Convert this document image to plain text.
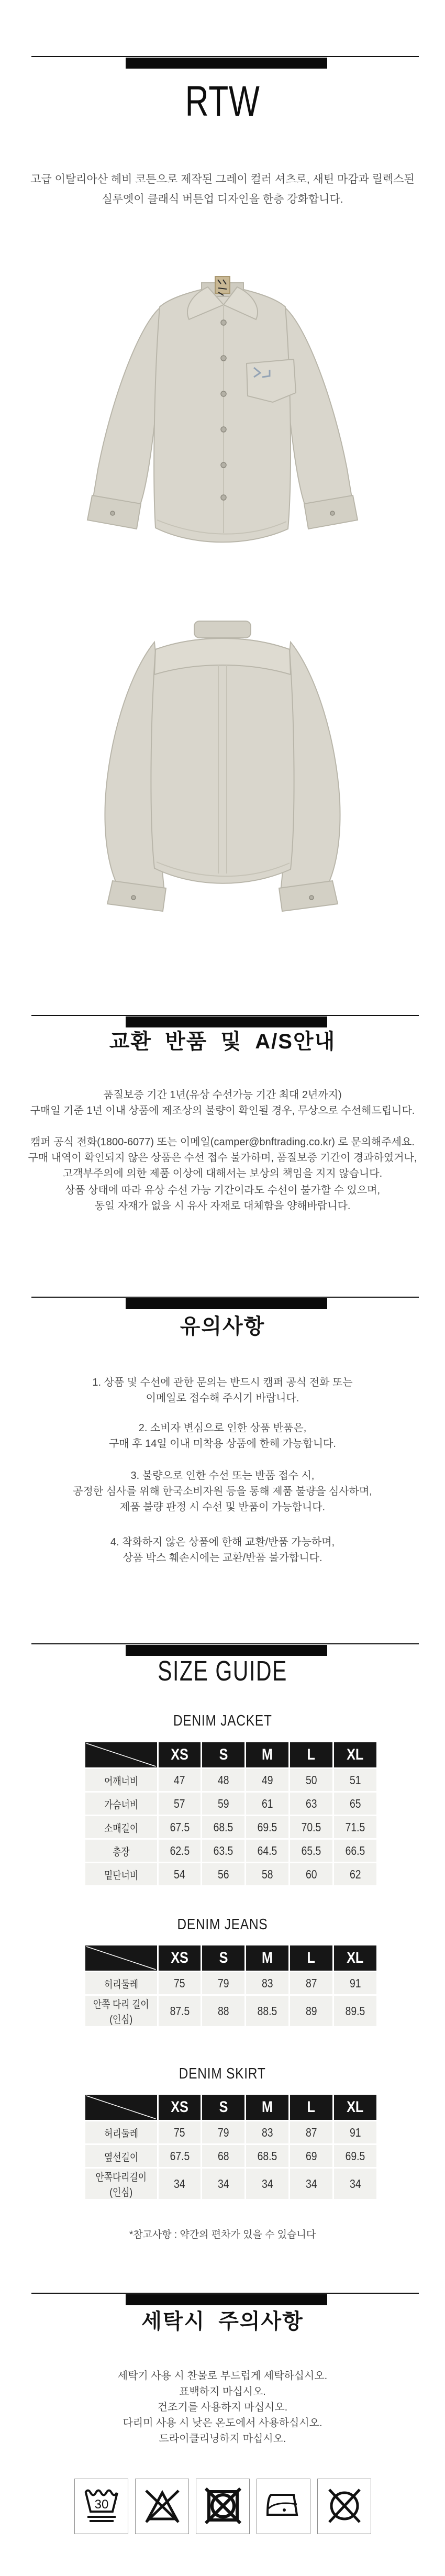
RTW
고급 이탈리아산 헤비 코튼으로 제작된 그레이 컬러 셔츠로, 새틴 마감과 릴렉스된
실루엣이 클래식 버튼업 디자인을 한층 강화합니다.
교환 반품 및 A/S안내
품질보증 기간 1년(유상 수선가능 기간 최대 2년까지)
구매일 기준 1년 이내 상품에 제조상의 불량이 확인될 경우, 무상으로 수선해드립니다.
캠퍼 공식 전화(1800-6077) 또는 이메일(camper@bnftrading.co.kr) 로 문의해주세요.
구매 내역이 확인되지 않은 상품은 수선 접수 불가하며, 품질보증 기간이 경과하였거나,
고객부주의에 의한 제품 이상에 대해서는 보상의 책임을 지지 않습니다.
상품 상태에 따라 유상 수선 가능 기간이라도 수선이 불가할 수 있으며,
동일 자재가 없을 시 유사 자재로 대체함을 양해바랍니다.
유의사항
1. 상품 및 수선에 관한 문의는 반드시 캠퍼 공식 전화 또는
이메일로 접수해 주시기 바랍니다.
2. 소비자 변심으로 인한 상품 반품은,
구매 후 14일 이내 미착용 상품에 한해 가능합니다.
3. 불량으로 인한 수선 또는 반품 접수 시,
공정한 심사를 위해 한국소비자원 등을 통해 제품 불량을 심사하며,
제품 불량 판정 시 수선 및 반품이 가능합니다.
4. 착화하지 않은 상품에 한해 교환/반품 가능하며,
상품 박스 훼손시에는 교환/반품 불가합니다.
SIZE GUIDE
DENIM JACKET
	XS	S	M	L	XL
어깨너비	47	48	49	50	51
가슴너비	57	59	61	63	65
소매길이	67.5	68.5	69.5	70.5	71.5
총장	62.5	63.5	64.5	65.5	66.5
밑단너비	54	56	58	60	62
DENIM JEANS
	XS	S	M	L	XL
허리둘레	75	79	83	87	91
안쪽 다리 길이(인심)	87.5	88	88.5	89	89.5
DENIM SKIRT
	XS	S	M	L	XL
허리둘레	75	79	83	87	91
옆선길이	67.5	68	68.5	69	69.5
안쪽다리길이(인심)	34	34	34	34	34
*참고사항 : 약간의 편차가 있을 수 있습니다
세탁시 주의사항
세탁기 사용 시 찬물로 부드럽게 세탁하십시오.
표백하지 마십시오.
건조기를 사용하지 마십시오.
다리미 사용 시 낮은 온도에서 사용하십시오.
드라이클리닝하지 마십시오.
30
